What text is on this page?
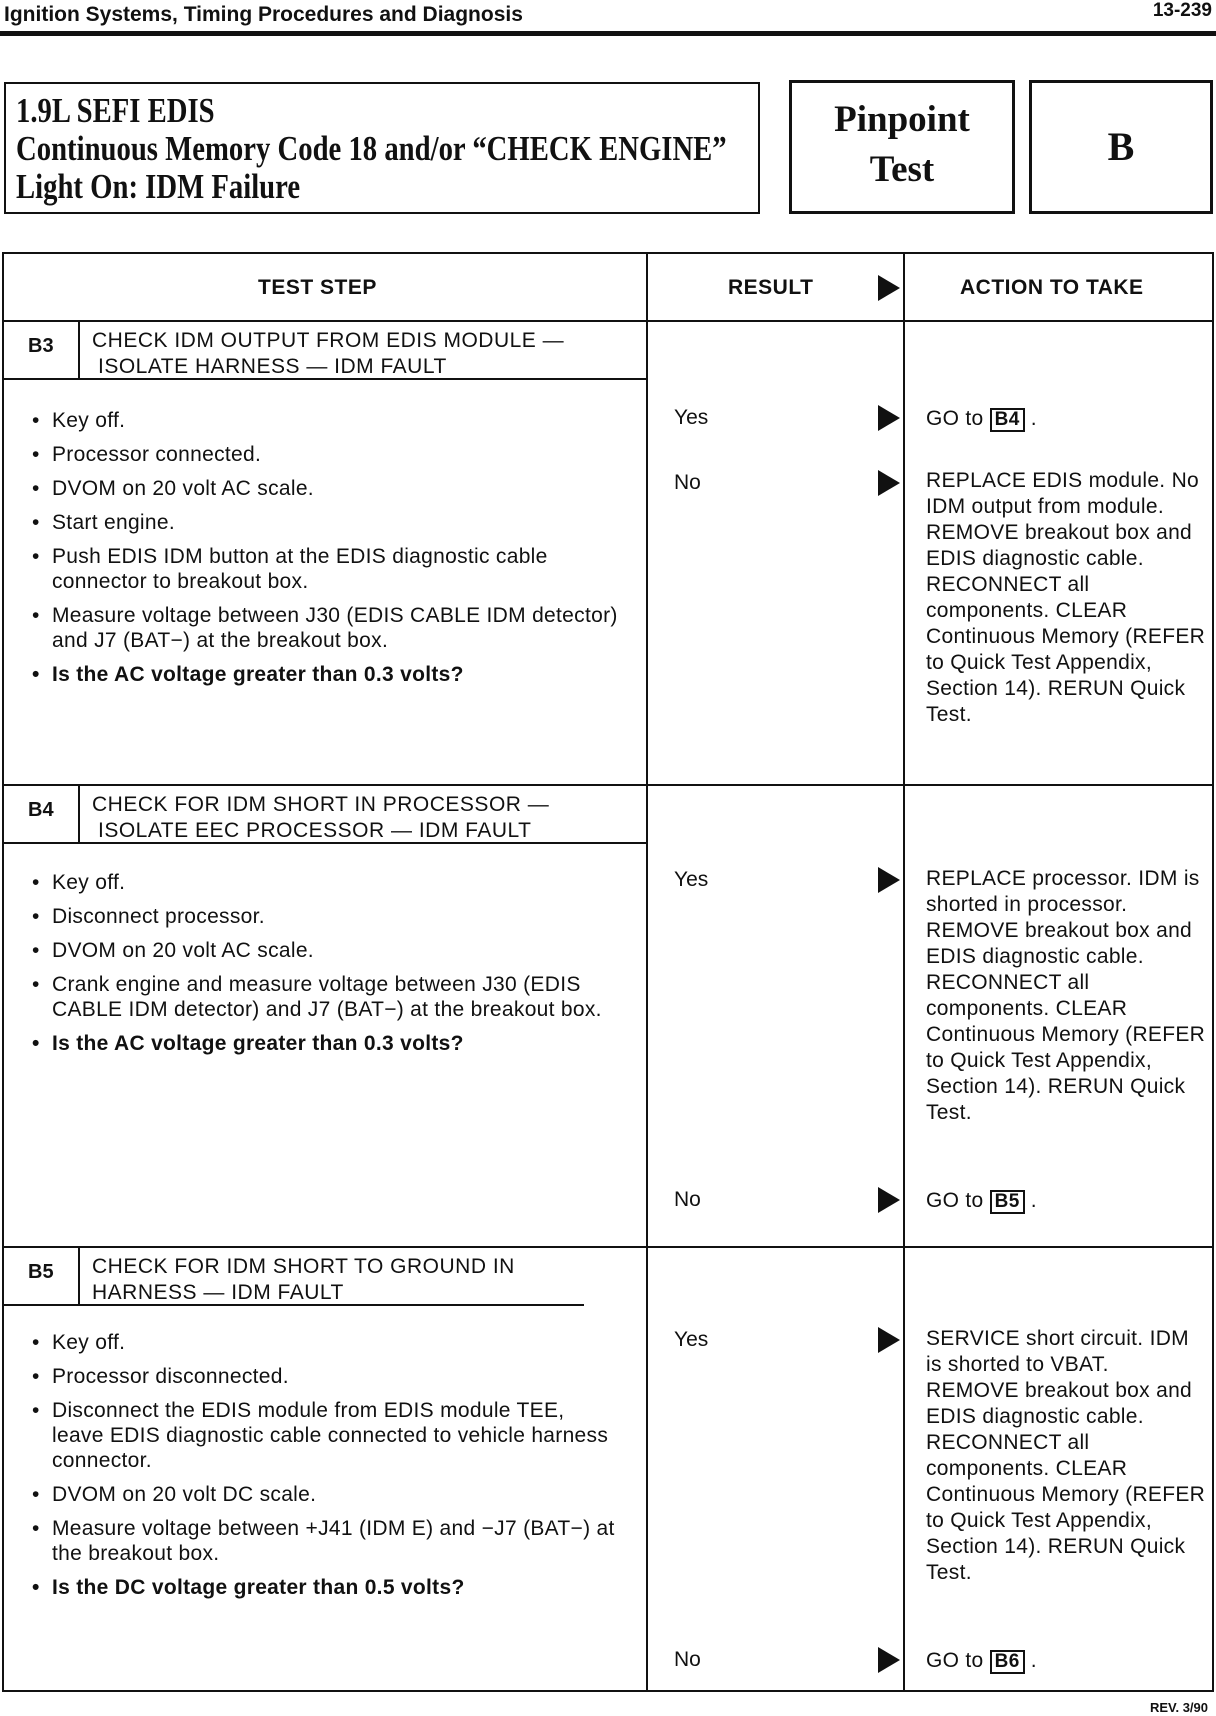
Ignition Systems, Timing Procedures and Diagnosis	13-239
1.9L SEFI EDIS
Continuous Memory Code 18 and/or “CHECK ENGINE”
Light On: IDM Failure
Pinpoint
Test
B
TEST STEP	RESULT	ACTION TO TAKE
B3 CHECK IDM OUTPUT FROM EDIS MODULE —
ISOLATE HARNESS — IDM FAULT
• Key off.
• Processor connected.
• DVOM on 20 volt AC scale.
• Start engine.
• Push EDIS IDM button at the EDIS diagnostic cable connector to breakout box.
• Measure voltage between J30 (EDIS CABLE IDM detector) and J7 (BAT−) at the breakout box.
• Is the AC voltage greater than 0.3 volts?
Yes	GO to B4 .
No	REPLACE EDIS module. No IDM output from module. REMOVE breakout box and EDIS diagnostic cable. RECONNECT all components. CLEAR Continuous Memory (REFER to Quick Test Appendix, Section 14). RERUN Quick Test.
B4 CHECK FOR IDM SHORT IN PROCESSOR —
ISOLATE EEC PROCESSOR — IDM FAULT
• Key off.
• Disconnect processor.
• DVOM on 20 volt AC scale.
• Crank engine and measure voltage between J30 (EDIS CABLE IDM detector) and J7 (BAT−) at the breakout box.
• Is the AC voltage greater than 0.3 volts?
Yes	REPLACE processor. IDM is shorted in processor. REMOVE breakout box and EDIS diagnostic cable. RECONNECT all components. CLEAR Continuous Memory (REFER to Quick Test Appendix, Section 14). RERUN Quick Test.
No	GO to B5 .
B5 CHECK FOR IDM SHORT TO GROUND IN
HARNESS — IDM FAULT
• Key off.
• Processor disconnected.
• Disconnect the EDIS module from EDIS module TEE, leave EDIS diagnostic cable connected to vehicle harness connector.
• DVOM on 20 volt DC scale.
• Measure voltage between +J41 (IDM E) and −J7 (BAT−) at the breakout box.
• Is the DC voltage greater than 0.5 volts?
Yes	SERVICE short circuit. IDM is shorted to VBAT. REMOVE breakout box and EDIS diagnostic cable. RECONNECT all components. CLEAR Continuous Memory (REFER to Quick Test Appendix, Section 14). RERUN Quick Test.
No	GO to B6 .
REV. 3/90
